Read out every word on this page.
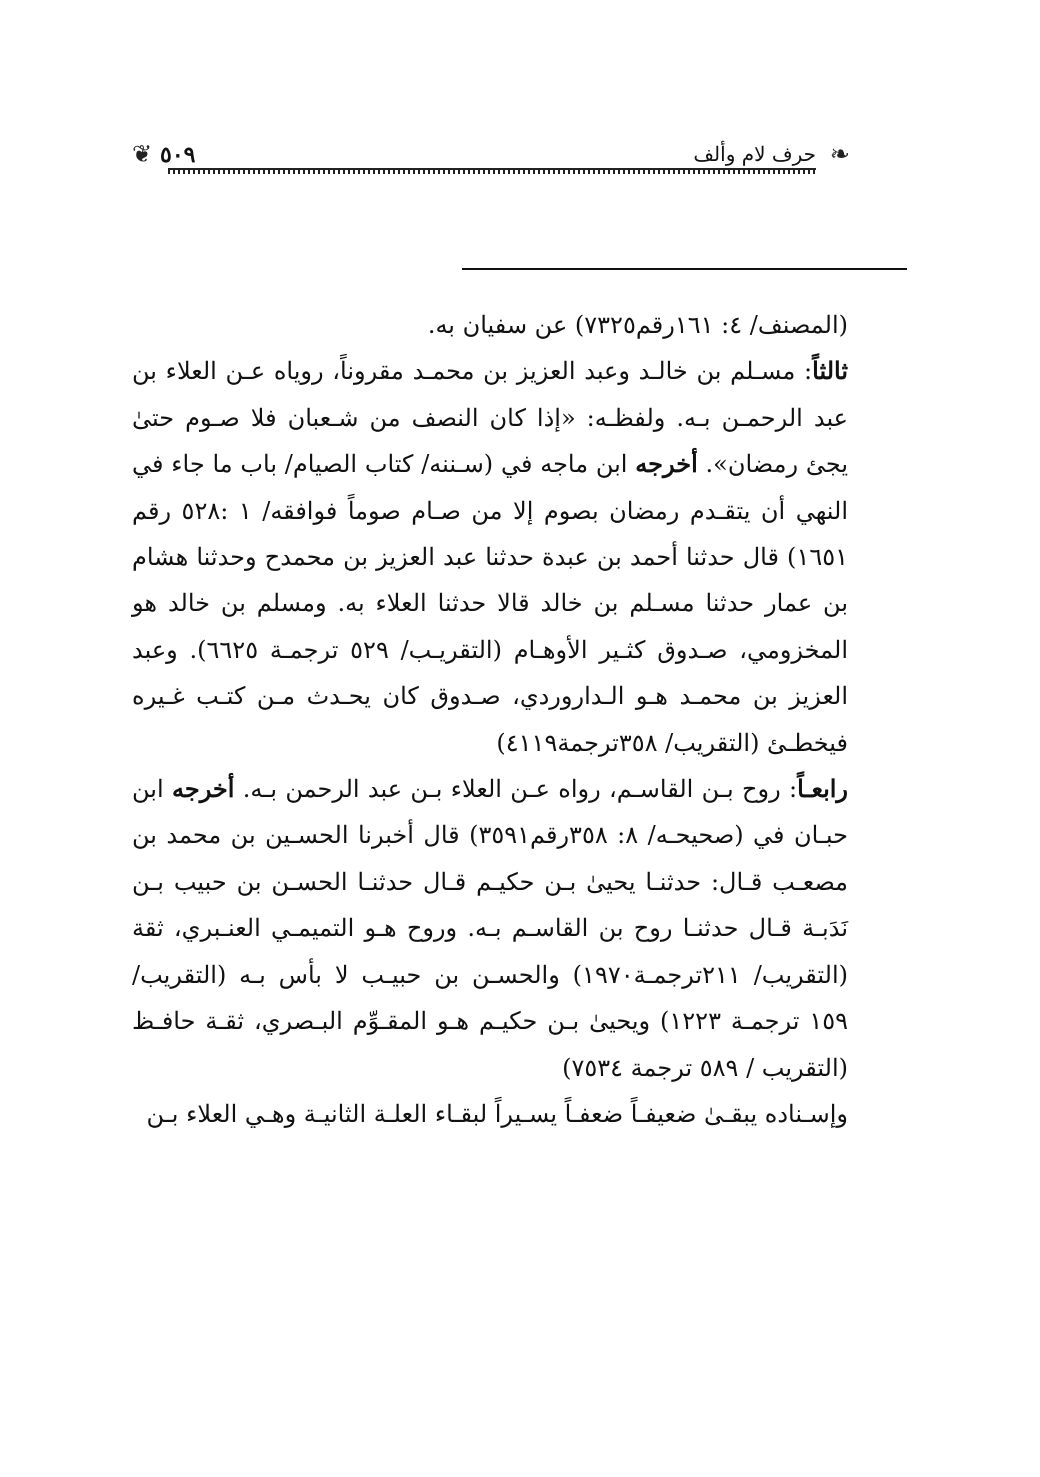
❦ ٥٠٩	حرف لام وألف ❧

(المصنف/ ٤: ١٦١رقم٧٣٢٥) عن سفيان به.

ثالثاً: مسـلم بن خالـد وعبد العزيز بن محمـد مقروناً، روياه عـن العلاء بن عبد الرحمـن بـه. ولفظـه: «إذا كان النصف من شـعبان فلا صـوم حتىٰ يجئ رمضان». أخرجه ابن ماجه في (سـننه/ كتاب الصيام/ باب ما جاء في النهي أن يتقـدم رمضان بصوم إلا من صـام صوماً فوافقه/ ١ :٥٢٨ رقم ١٦٥١) قال حدثنا أحمد بن عبدة حدثنا عبد العزيز بن محمدح وحدثنا هشام بن عمار حدثنا مسـلم بن خالد قالا حدثنا العلاء به. ومسلم بن خالد هو المخزومي، صـدوق كثـير الأوهـام (التقريـب/ ٥٢٩ ترجمـة ٦٦٢٥). وعبد العزيز بن محمـد هـو الـداروردي، صـدوق كان يحـدث مـن كتـب غـيره فيخطـئ (التقريب/ ٣٥٨ترجمة٤١١٩)

رابعـاً: روح بـن القاسـم، رواه عـن العلاء بـن عبد الرحمن بـه. أخرجه ابن حبـان في (صحيحـه/ ٨: ٣٥٨رقم٣٥٩١) قال أخبرنا الحسـين بن محمد بن مصعـب قـال: حدثنـا يحيىٰ بـن حكيـم قـال حدثنـا الحسـن بن حبيب بـن نَدَبـة قـال حدثنـا روح بن القاسـم بـه. وروح هـو التميمـي العنـبري، ثقة (التقريب/ ٢١١ترجمـة١٩٧٠) والحسـن بن حبيـب لا بأس بـه (التقريب/ ١٥٩ ترجمـة ١٢٢٣) ويحيىٰ بـن حكيـم هـو المقـوِّم البـصري، ثقـة حافـظ (التقريب / ٥٨٩ ترجمة ٧٥٣٤)

وإسـناده يبقـىٰ ضعيفـاً ضعفـاً يسـيراً لبقـاء العلـة الثانيـة وهـي العلاء بـن
